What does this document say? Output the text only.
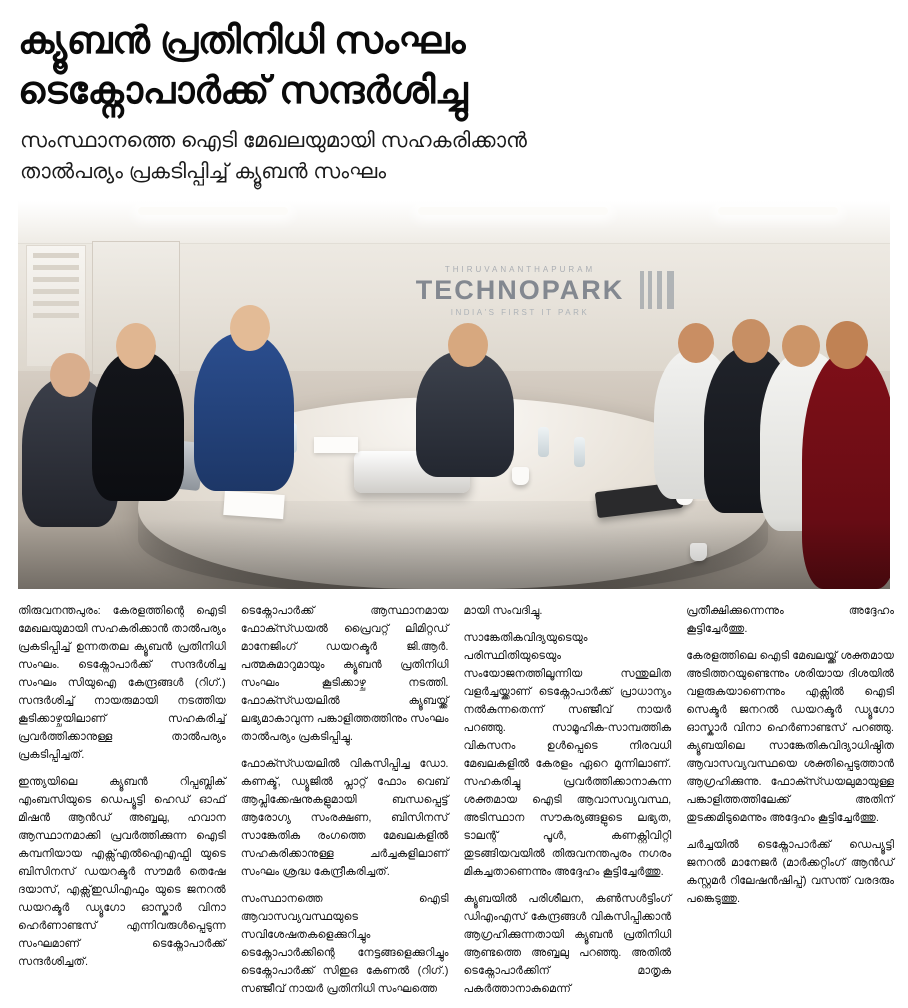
ക്യൂബൻ പ്രതിനിധി സംഘം
ടെക്നോപാർക്ക് സന്ദർശിച്ചു
സംസ്ഥാനത്തെ ഐടി മേഖലയുമായി സഹകരിക്കാൻ
താൽപര്യം പ്രകടിപ്പിച്ച് ക്യൂബൻ സംഘം
THIRUVANANTHAPURAM
TECHNOPARK
INDIA'S FIRST IT PARK

തിരുവനന്തപുരം: കേരളത്തിന്റെ ഐടി മേഖലയുമായി സഹകരിക്കാൻ താൽപര്യം പ്രകടിപ്പിച്ച് ഉന്നതതല ക്യൂബൻ പ്രതിനിധി സംഘം. ടെക്നോപാർക്ക് സന്ദർശിച്ച സംഘം സിയുഐ കേന്ദ്രങ്ങൾ (റിഗ്.) സന്ദർശിച്ച് നായരുമായി നടത്തിയ കൂടിക്കാഴ്ചയിലാണ് സഹകരിച്ച് പ്രവർത്തിക്കാനുള്ള താൽപര്യം പ്രകടിപ്പിച്ചത്.

ഇന്ത്യയിലെ ക്യൂബൻ റിപ്പബ്ലിക് എംബസിയുടെ ഡെപ്യൂട്ടി ഹെഡ് ഓഫ് മിഷൻ ആൻഡ് അബ്ബലു, ഹവാന ആസ്ഥാനമാക്കി പ്രവർത്തിക്കുന്ന ഐടി കമ്പനിയായ എക്സ്എൽഐഎഫ്പി യുടെ ബിസിനസ് ഡയറക്ടർ സൗമർ തെഷേ ദയാസ്, എക്സ്ഇഡിഎഫും യുടെ ജനറൽ ഡയറക്ടർ ഡ്യൂഗോ ഓസ്കാർ വിനാ ഹെർണാണ്ടസ് എന്നിവരുൾപ്പെടുന്ന സംഘമാണ് ടെക്നോപാർക്ക് സന്ദർശിച്ചത്.

ടെക്നോപാർക്ക് ആസ്ഥാനമായ ഫോക്സ്ഡയൽ പ്രൈവറ്റ് ലിമിറ്റഡ് മാനേജിംഗ് ഡയറക്ടർ ജി.ആർ. പത്മകുമാറുമായും ക്യൂബൻ പ്രതിനിധി സംഘം കൂടിക്കാഴ്ച നടത്തി. ഫോക്സ്ഡയലിൽ ക്യൂബയ്ക്ക് ലഭ്യമാകാവുന്ന പങ്കാളിത്തത്തിനും സംഘം താൽപര്യം പ്രകടിപ്പിച്ചു.

ഫോക്സ്ഡയലിൽ വികസിപ്പിച്ച ഡോ. കണക്ട്, ഡ്യൂജിൽ പ്ലാറ്റ് ഫോം വെബ് ആപ്ലിക്കേഷനുകളുമായി ബന്ധപ്പെട്ട് ആരോഗ്യ സംരക്ഷണ, ബിസിനസ് സാങ്കേതിക രംഗത്തെ മേഖലകളിൽ സഹകരിക്കാനുള്ള ചർച്ചകളിലാണ് സംഘം ശ്രദ്ധ കേന്ദ്രീകരിച്ചത്.

സംസ്ഥാനത്തെ ഐടി ആവാസവ്യവസ്ഥയുടെ സവിശേഷതകളെക്കുറിച്ചും ടെക്നോപാർക്കിന്റെ നേട്ടങ്ങളെക്കുറിച്ചും ടെക്നോപാർക്ക് സിഇഒ കേണൽ (റിഗ്.) സഞ്ജീവ് നായർ പ്രതിനിധി സംഘത്തെ

മായി സംവദിച്ചു.

സാങ്കേതികവിദ്യയുടെയും പരിസ്ഥിതിയുടെയും സംയോജനത്തിലൂന്നിയ സന്തുലിത വളർച്ചയ്ക്കാണ് ടെക്നോപാർക്ക് പ്രാധാന്യം നൽകുന്നതെന്ന് സഞ്ജീവ് നായർ പറഞ്ഞു. സാമൂഹിക-സാമ്പത്തിക വികസനം ഉൾപ്പെടെ നിരവധി മേഖലകളിൽ കേരളം ഏറെ മുന്നിലാണ്. സഹകരിച്ചു പ്രവർത്തിക്കാനാകുന്ന ശക്തമായ ഐടി ആവാസവ്യവസ്ഥ, അടിസ്ഥാന സൗകര്യങ്ങളുടെ ലഭ്യത, ടാലന്റ് പൂൾ, കണക്റ്റിവിറ്റി തുടങ്ങിയവയിൽ തിരുവനന്തപുരം നഗരം മികച്ചതാണെന്നും അദ്ദേഹം കൂട്ടിച്ചേർത്തു.

ക്യൂബയിൽ പരിശീലന, കൺസൾട്ടിംഗ് ഡിഎംഎസ് കേന്ദ്രങ്ങൾ വികസിപ്പിക്കാൻ ആഗ്രഹിക്കുന്നതായി ക്യൂബൻ പ്രതിനിധി ആണ്ടത്തെ അബ്ബലു പറഞ്ഞു. അതിൽ ടെക്നോപാർക്കിന് മാതൃക പകർത്താനാകുമെന്ന്

പ്രതീക്ഷിക്കുന്നെന്നും അദ്ദേഹം കൂട്ടിച്ചേർത്തു.

കേരളത്തിലെ ഐടി മേഖലയ്ക്ക് ശക്തമായ അടിത്തറയുണ്ടെന്നും ശരിയായ ദിശയിൽ വളരുകയാണെന്നും എക്സിൽ ഐടി സെക്ടർ ജനറൽ ഡയറക്ടർ ഡ്യൂഗോ ഓസ്കാർ വിനാ ഹെർണാണ്ടസ് പറഞ്ഞു. ക്യൂബയിലെ സാങ്കേതികവിദ്യാധിഷ്ഠിത ആവാസവ്യവസ്ഥയെ ശക്തിപ്പെടുത്താൻ ആഗ്രഹിക്കുന്നു. ഫോക്സ്ഡയലുമായുള്ള പങ്കാളിത്തത്തിലേക്ക് അതിന് തുടക്കമിടുമെന്നും അദ്ദേഹം കൂട്ടിച്ചേർത്തു.

ചർച്ചയിൽ ടെക്നോപാർക്ക് ഡെപ്യൂട്ടി ജനറൽ മാനേജർ (മാർക്കറ്റിംഗ് ആൻഡ് കസ്റ്റമർ റിലേഷൻഷിപ്പ്) വസന്ത് വരദരും പങ്കെടുത്തു.
